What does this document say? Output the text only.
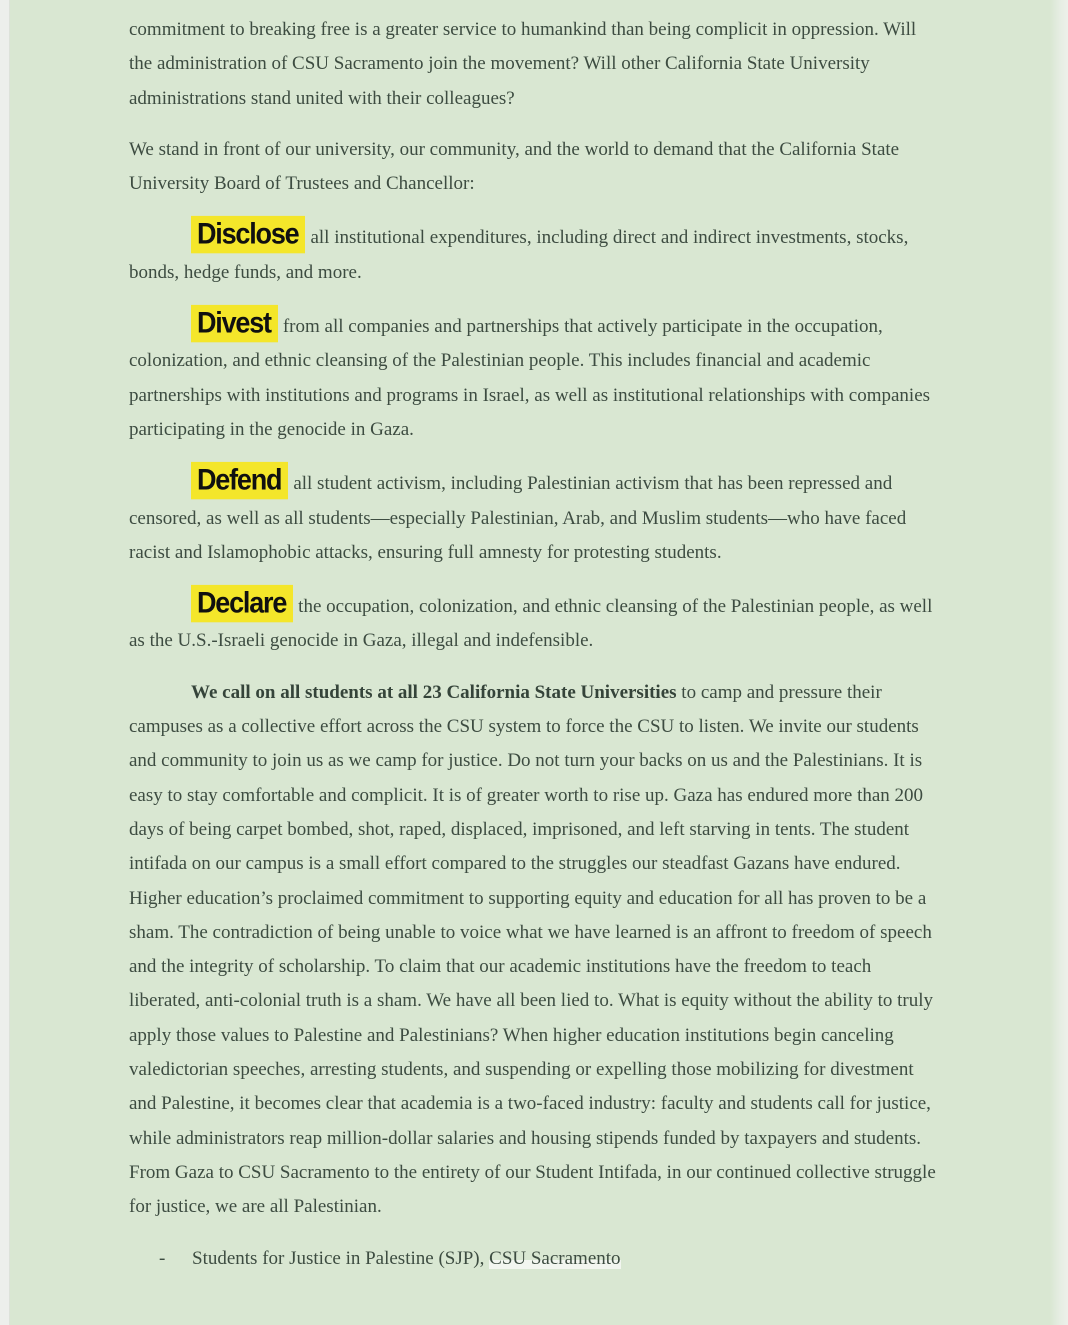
commitment to breaking free is a greater service to humankind than being complicit in oppression. Will the administration of CSU Sacramento join the movement? Will other California State University administrations stand united with their colleagues?

We stand in front of our university, our community, and the world to demand that the California State University Board of Trustees and Chancellor:

Disclose all institutional expenditures, including direct and indirect investments, stocks, bonds, hedge funds, and more.

Divest from all companies and partnerships that actively participate in the occupation, colonization, and ethnic cleansing of the Palestinian people. This includes financial and academic partnerships with institutions and programs in Israel, as well as institutional relationships with companies participating in the genocide in Gaza.

Defend all student activism, including Palestinian activism that has been repressed and censored, as well as all students—especially Palestinian, Arab, and Muslim students—who have faced racist and Islamophobic attacks, ensuring full amnesty for protesting students.

Declare the occupation, colonization, and ethnic cleansing of the Palestinian people, as well as the U.S.-Israeli genocide in Gaza, illegal and indefensible.

We call on all students at all 23 California State Universities to camp and pressure their campuses as a collective effort across the CSU system to force the CSU to listen. We invite our students and community to join us as we camp for justice. Do not turn your backs on us and the Palestinians. It is easy to stay comfortable and complicit. It is of greater worth to rise up. Gaza has endured more than 200 days of being carpet bombed, shot, raped, displaced, imprisoned, and left starving in tents. The student intifada on our campus is a small effort compared to the struggles our steadfast Gazans have endured. Higher education’s proclaimed commitment to supporting equity and education for all has proven to be a sham. The contradiction of being unable to voice what we have learned is an affront to freedom of speech and the integrity of scholarship. To claim that our academic institutions have the freedom to teach liberated, anti-colonial truth is a sham. We have all been lied to. What is equity without the ability to truly apply those values to Palestine and Palestinians? When higher education institutions begin canceling valedictorian speeches, arresting students, and suspending or expelling those mobilizing for divestment and Palestine, it becomes clear that academia is a two-faced industry: faculty and students call for justice, while administrators reap million-dollar salaries and housing stipends funded by taxpayers and students. From Gaza to CSU Sacramento to the entirety of our Student Intifada, in our continued collective struggle for justice, we are all Palestinian.

-	Students for Justice in Palestine (SJP), CSU Sacramento
